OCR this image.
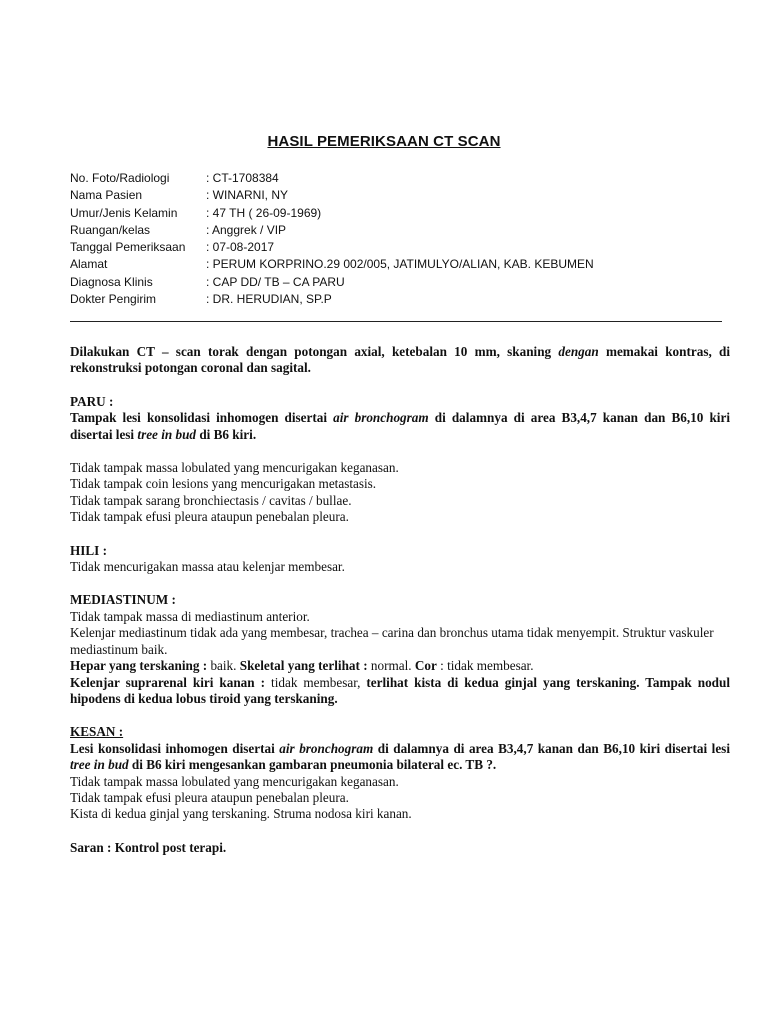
HASIL PEMERIKSAAN CT SCAN
No. Foto/Radiologi	: CT-1708384
Nama Pasien	: WINARNI, NY
Umur/Jenis Kelamin	: 47 TH ( 26-09-1969)
Ruangan/kelas	: Anggrek / VIP
Tanggal Pemeriksaan	: 07-08-2017
Alamat	: PERUM KORPRINO.29 002/005, JATIMULYO/ALIAN, KAB. KEBUMEN
Diagnosa Klinis	: CAP DD/ TB – CA PARU
Dokter Pengirim	: DR. HERUDIAN, SP.P

Dilakukan CT – scan torak dengan potongan axial, ketebalan 10 mm, skaning dengan memakai kontras, di rekonstruksi potongan coronal dan sagital.

PARU :

Tampak lesi konsolidasi inhomogen disertai air bronchogram di dalamnya di area B3,4,7 kanan dan B6,10 kiri disertai lesi tree in bud di B6 kiri.

Tidak tampak massa lobulated yang mencurigakan keganasan.

Tidak tampak coin lesions yang mencurigakan metastasis.

Tidak tampak sarang bronchiectasis / cavitas / bullae.

Tidak tampak efusi pleura ataupun penebalan pleura.

HILI :

Tidak mencurigakan massa atau kelenjar membesar.

MEDIASTINUM :

Tidak tampak massa di mediastinum anterior.

Kelenjar mediastinum tidak ada yang membesar, trachea – carina dan bronchus utama tidak menyempit. Struktur vaskuler mediastinum baik.

Hepar yang terskaning : baik. Skeletal yang terlihat : normal. Cor : tidak membesar.

Kelenjar suprarenal kiri kanan : tidak membesar, terlihat kista di kedua ginjal yang terskaning. Tampak nodul hipodens di kedua lobus tiroid yang terskaning.

KESAN :

Lesi konsolidasi inhomogen disertai air bronchogram di dalamnya di area B3,4,7 kanan dan B6,10 kiri disertai lesi tree in bud di B6 kiri mengesankan gambaran pneumonia bilateral ec. TB ?.

Tidak tampak massa lobulated yang mencurigakan keganasan.

Tidak tampak efusi pleura ataupun penebalan pleura.

Kista di kedua ginjal yang terskaning. Struma nodosa kiri kanan.

Saran : Kontrol post terapi.
